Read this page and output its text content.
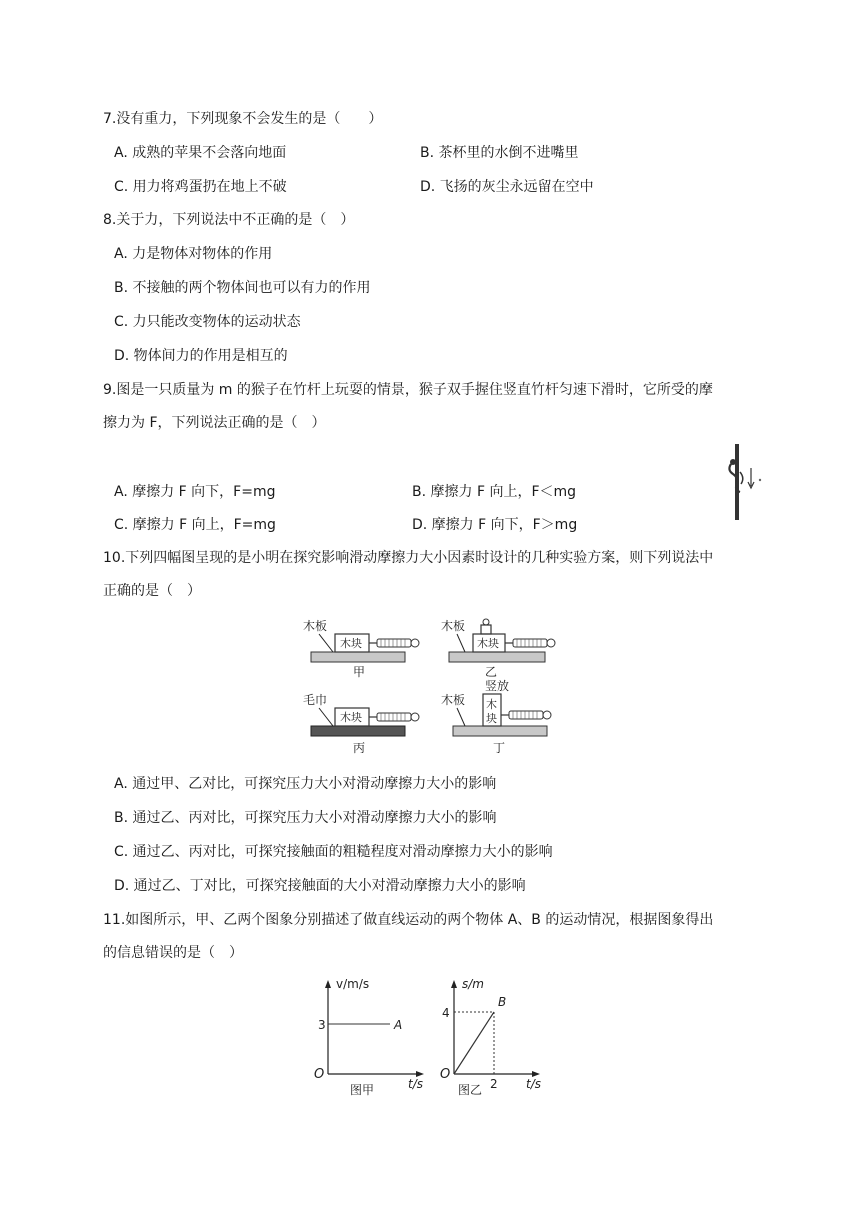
7.没有重力，下列现象不会发生的是（　　）
A. 成熟的苹果不会落向地面	B. 茶杯里的水倒不进嘴里
C. 用力将鸡蛋扔在地上不破	D. 飞扬的灰尘永远留在空中
8.关于力，下列说法中不正确的是（　）
A. 力是物体对物体的作用
B. 不接触的两个物体间也可以有力的作用
C. 力只能改变物体的运动状态
D. 物体间力的作用是相互的
9.图是一只质量为 m 的猴子在竹杆上玩耍的情景，猴子双手握住竖直竹杆匀速下滑时，它所受的摩
擦力为 F，下列说法正确的是（　）
A. 摩擦力 F 向下，F=mg	B. 摩擦力 F 向上，F＜mg
C. 摩擦力 F 向上，F=mg	D. 摩擦力 F 向下，F＞mg
10.下列四幅图呈现的是小明在探究影响滑动摩擦力大小因素时设计的几种实验方案，则下列说法中
正确的是（　）
木板
木块
甲
木板
木块
乙
竖放
毛巾
木块
丙
木板 木
块
丁
A. 通过甲、乙对比，可探究压力大小对滑动摩擦力大小的影响
B. 通过乙、丙对比，可探究压力大小对滑动摩擦力大小的影响
C. 通过乙、丙对比，可探究接触面的粗糙程度对滑动摩擦力大小的影响
D. 通过乙、丁对比，可探究接触面的大小对滑动摩擦力大小的影响
11.如图所示，甲、乙两个图象分别描述了做直线运动的两个物体 A、B 的运动情况，根据图象得出
的信息错误的是（　）
v/m/s
t/s
O
3	A
图甲
s/m
t/s
O
4
B
2
图乙
